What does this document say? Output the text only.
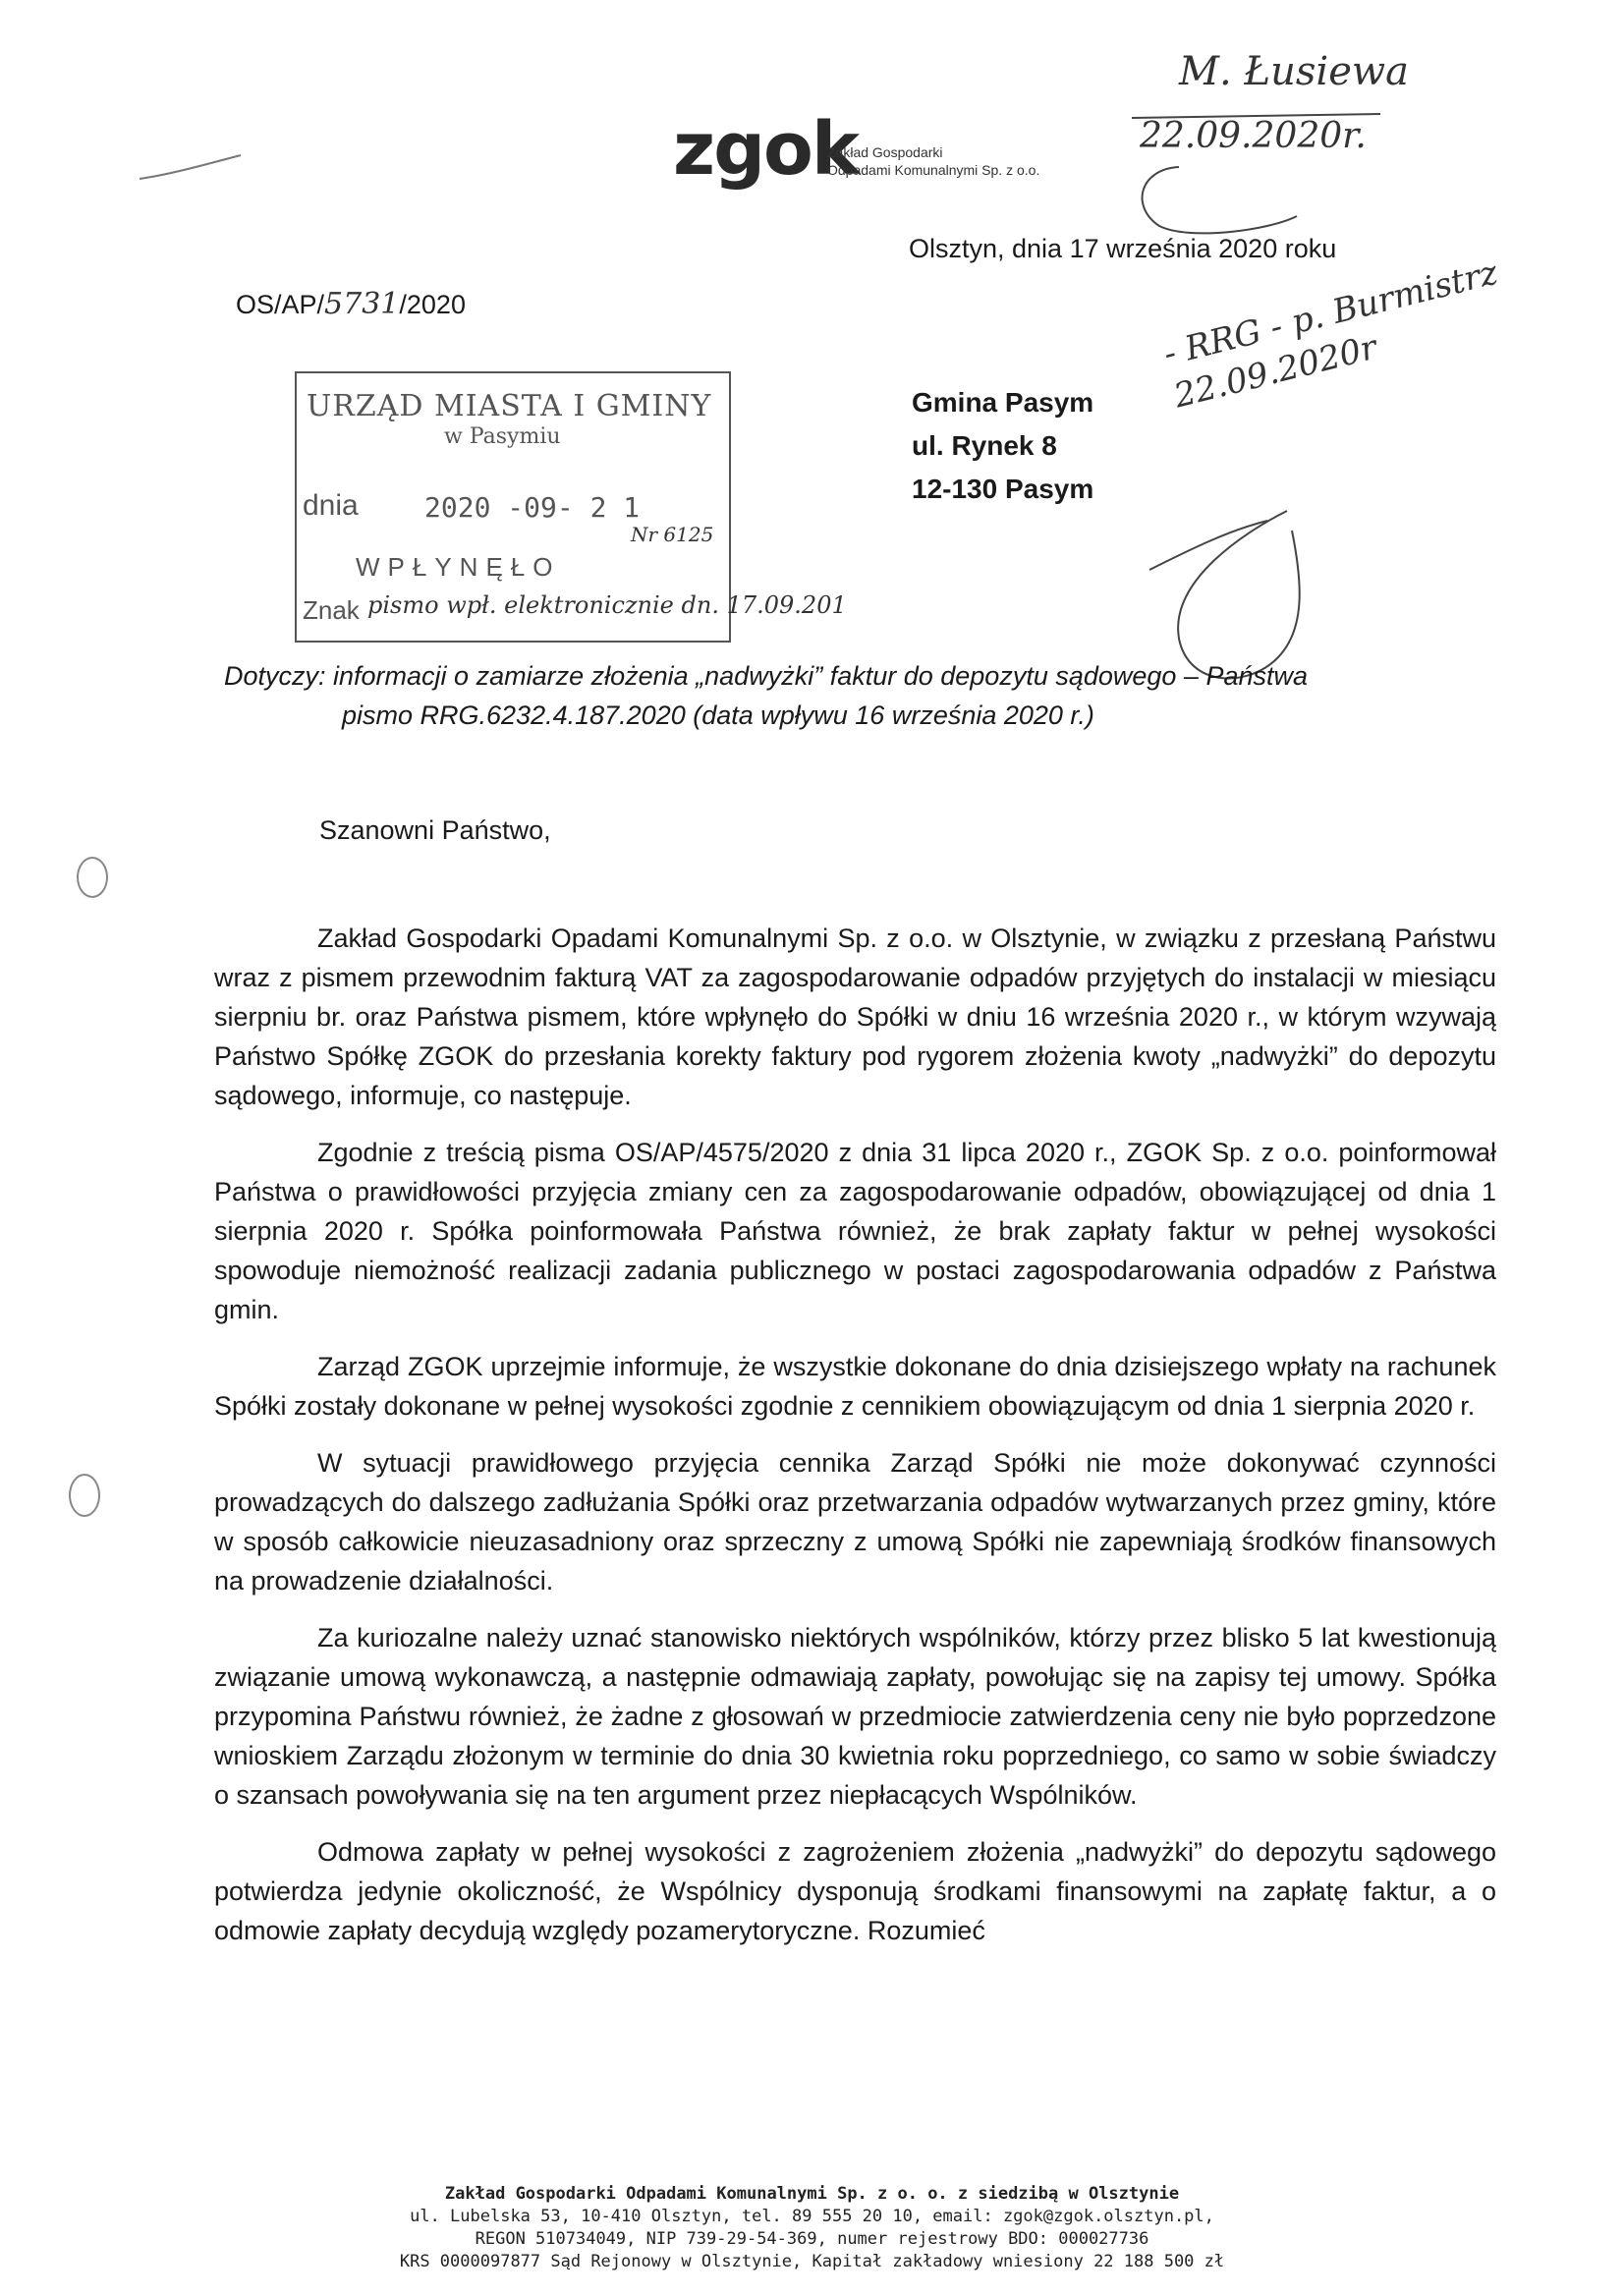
zgok
Zakład Gospodarki
Odpadami Komunalnymi Sp. z o.o.
M. Łusiewa
22.09.2020r.
Olsztyn, dnia 17 września 2020 roku
OS/AP/5731/2020
URZĄD MIASTA I GMINY
w Pasymiu
dnia 2020 -09- 2 1
Nr 6125
WPŁYNĘŁO
Znak pismo wpł. elektronicznie dn. 17.09.201
Gmina Pasym
ul. Rynek 8
12-130 Pasym
- RRG - p. Burmistrz 22.09.2020r
Dotyczy: informacji o zamiarze złożenia „nadwyżki” faktur do depozytu sądowego – Państwa
pismo RRG.6232.4.187.2020 (data wpływu 16 września 2020 r.)
Szanowni Państwo,

Zakład Gospodarki Opadami Komunalnymi Sp. z o.o. w Olsztynie, w związku z przesłaną Państwu wraz z pismem przewodnim fakturą VAT za zagospodarowanie odpadów przyjętych do instalacji w miesiącu sierpniu br. oraz Państwa pismem, które wpłynęło do Spółki w dniu 16 września 2020 r., w którym wzywają Państwo Spółkę ZGOK do przesłania korekty faktury pod rygorem złożenia kwoty „nadwyżki” do depozytu sądowego, informuje, co następuje.

Zgodnie z treścią pisma OS/AP/4575/2020 z dnia 31 lipca 2020 r., ZGOK Sp. z o.o. poinformował Państwa o prawidłowości przyjęcia zmiany cen za zagospodarowanie odpadów, obowiązującej od dnia 1 sierpnia 2020 r. Spółka poinformowała Państwa również, że brak zapłaty faktur w pełnej wysokości spowoduje niemożność realizacji zadania publicznego w postaci zagospodarowania odpadów z Państwa gmin.

Zarząd ZGOK uprzejmie informuje, że wszystkie dokonane do dnia dzisiejszego wpłaty na rachunek Spółki zostały dokonane w pełnej wysokości zgodnie z cennikiem obowiązującym od dnia 1 sierpnia 2020 r.

W sytuacji prawidłowego przyjęcia cennika Zarząd Spółki nie może dokonywać czynności prowadzących do dalszego zadłużania Spółki oraz przetwarzania odpadów wytwarzanych przez gminy, które w sposób całkowicie nieuzasadniony oraz sprzeczny z umową Spółki nie zapewniają środków finansowych na prowadzenie działalności.

Za kuriozalne należy uznać stanowisko niektórych wspólników, którzy przez blisko 5 lat kwestionują związanie umową wykonawczą, a następnie odmawiają zapłaty, powołując się na zapisy tej umowy. Spółka przypomina Państwu również, że żadne z głosowań w przedmiocie zatwierdzenia ceny nie było poprzedzone wnioskiem Zarządu złożonym w terminie do dnia 30 kwietnia roku poprzedniego, co samo w sobie świadczy o szansach powoływania się na ten argument przez niepłacących Wspólników.

Odmowa zapłaty w pełnej wysokości z zagrożeniem złożenia „nadwyżki” do depozytu sądowego potwierdza jedynie okoliczność, że Wspólnicy dysponują środkami finansowymi na zapłatę faktur, a o odmowie zapłaty decydują względy pozamerytoryczne. Rozumieć

Zakład Gospodarki Odpadami Komunalnymi Sp. z o. o. z siedzibą w Olsztynie
ul. Lubelska 53, 10-410 Olsztyn, tel. 89 555 20 10, email: zgok@zgok.olsztyn.pl,
REGON 510734049, NIP 739-29-54-369, numer rejestrowy BDO: 000027736
KRS 0000097877 Sąd Rejonowy w Olsztynie, Kapitał zakładowy wniesiony 22 188 500 zł
